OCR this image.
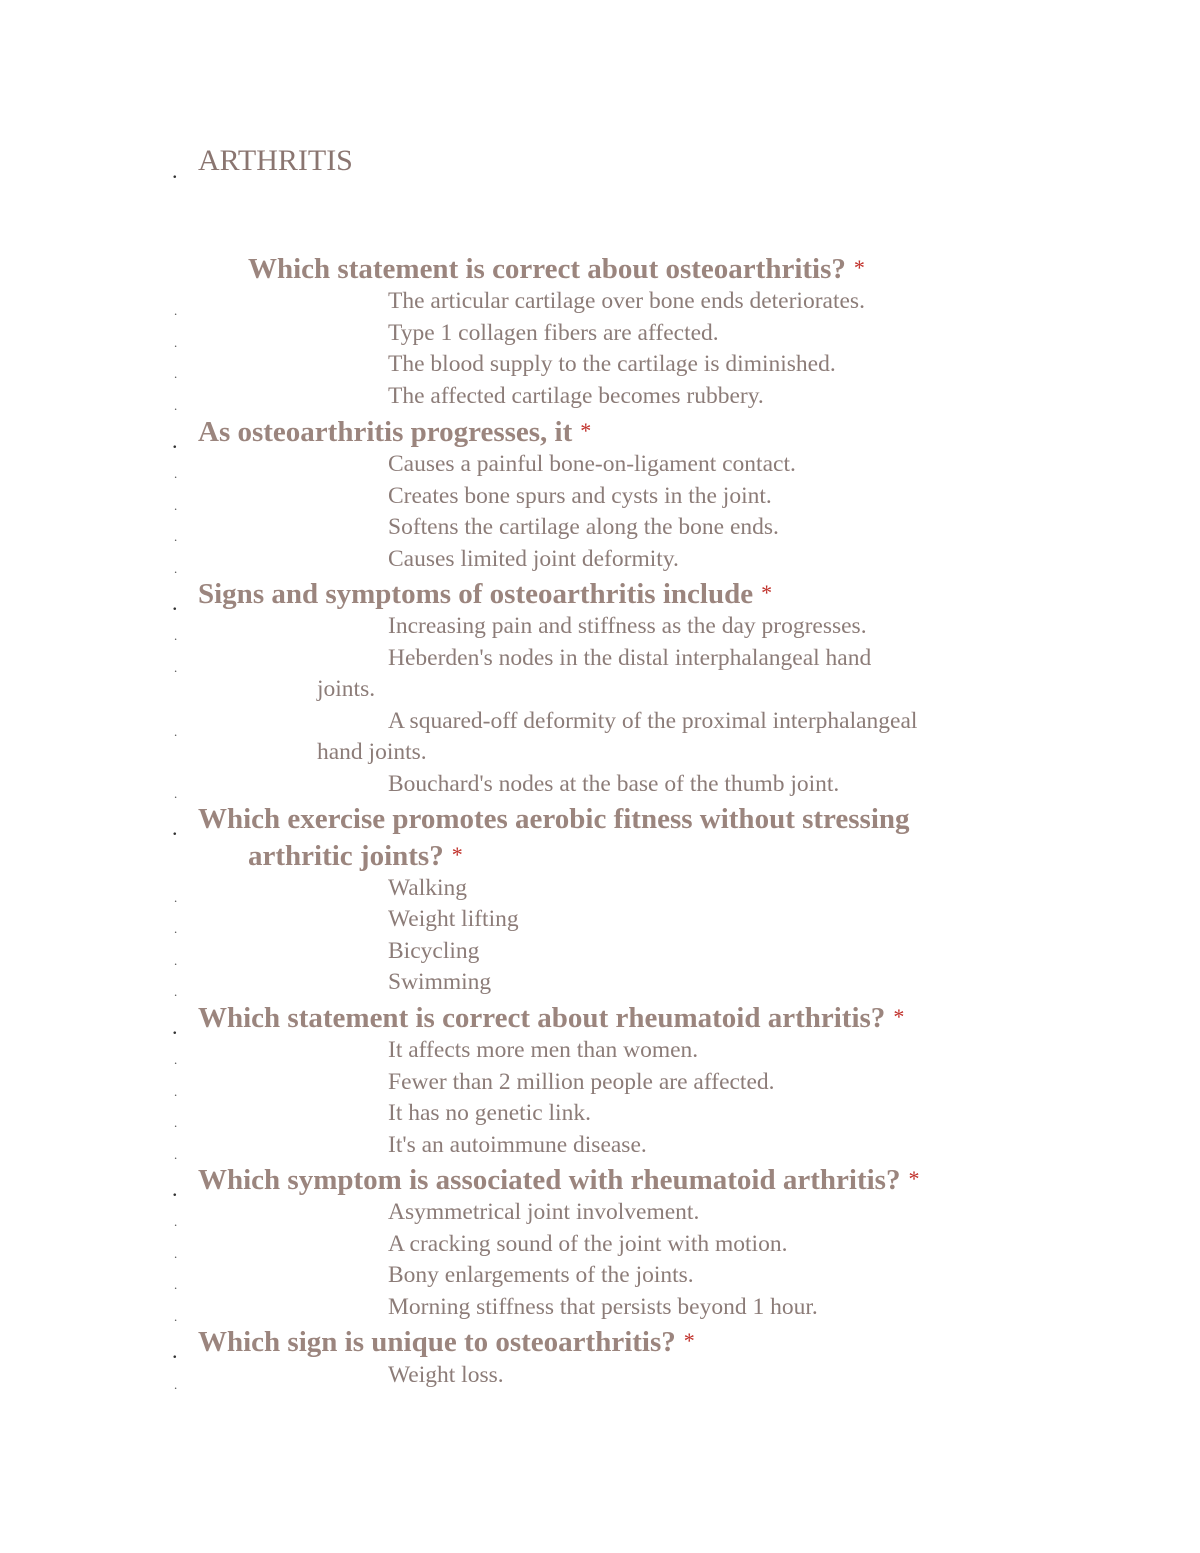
. ARTHRITIS
Which statement is correct about osteoarthritis? *
.	The articular cartilage over bone ends deteriorates.
.	Type 1 collagen fibers are affected.
.	The blood supply to the cartilage is diminished.
.	The affected cartilage becomes rubbery.
. As osteoarthritis progresses, it *
.	Causes a painful bone-on-ligament contact.
.	Creates bone spurs and cysts in the joint.
.	Softens the cartilage along the bone ends.
.	Causes limited joint deformity.
. Signs and symptoms of osteoarthritis include *
.	Increasing pain and stiffness as the day progresses.
.	Heberden's nodes in the distal interphalangeal hand
joints.
.	A squared-off deformity of the proximal interphalangeal
hand joints.
.	Bouchard's nodes at the base of the thumb joint.
. Which exercise promotes aerobic fitness without stressing
arthritic joints? *
.	Walking
.	Weight lifting
.	Bicycling
.	Swimming
. Which statement is correct about rheumatoid arthritis? *
.	It affects more men than women.
.	Fewer than 2 million people are affected.
.	It has no genetic link.
.	It's an autoimmune disease.
. Which symptom is associated with rheumatoid arthritis? *
.	Asymmetrical joint involvement.
.	A cracking sound of the joint with motion.
.	Bony enlargements of the joints.
.	Morning stiffness that persists beyond 1 hour.
. Which sign is unique to osteoarthritis? *
.	Weight loss.
